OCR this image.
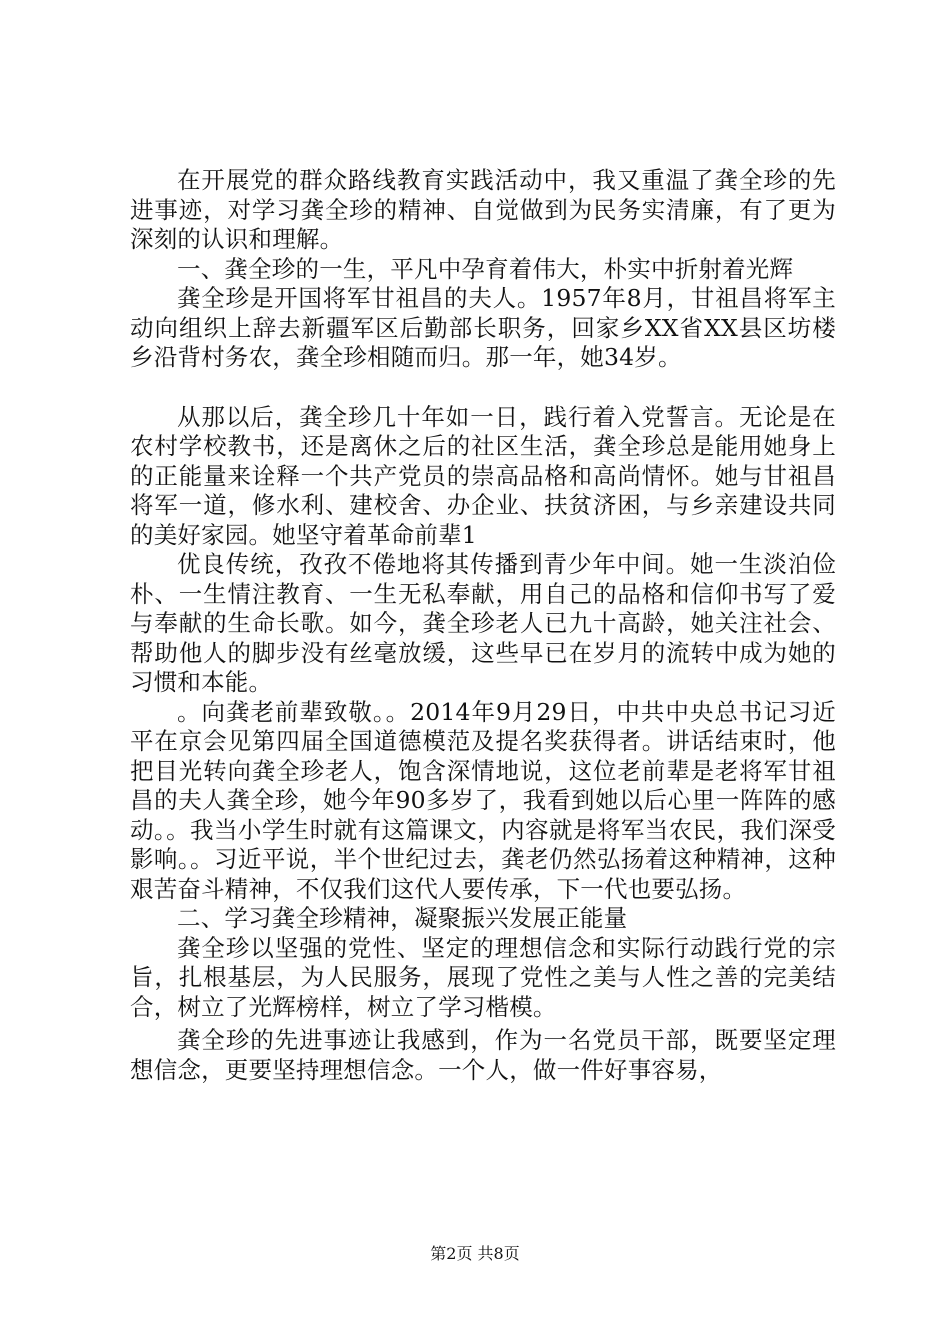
在开展党的群众路线教育实践活动中，我又重温了龚全珍的先进事迹，对学习龚全珍的精神、自觉做到为民务实清廉，有了更为深刻的认识和理解。

一、龚全珍的一生，平凡中孕育着伟大，朴实中折射着光辉

龚全珍是开国将军甘祖昌的夫人。1957年8月，甘祖昌将军主动向组织上辞去新疆军区后勤部长职务，回家乡XX省XX县区坊楼乡沿背村务农，龚全珍相随而归。那一年，她34岁。

从那以后，龚全珍几十年如一日，践行着入党誓言。无论是在农村学校教书，还是离休之后的社区生活，龚全珍总是能用她身上的正能量来诠释一个共产党员的崇高品格和高尚情怀。她与甘祖昌将军一道，修水利、建校舍、办企业、扶贫济困，与乡亲建设共同的美好家园。她坚守着革命前辈1

优良传统，孜孜不倦地将其传播到青少年中间。她一生淡泊俭朴、一生情注教育、一生无私奉献，用自己的品格和信仰书写了爱与奉献的生命长歌。如今，龚全珍老人已九十高龄，她关注社会、帮助他人的脚步没有丝毫放缓，这些早已在岁月的流转中成为她的习惯和本能。

。向龚老前辈致敬。。2014年9月29日，中共中央总书记习近平在京会见第四届全国道德模范及提名奖获得者。讲话结束时，他把目光转向龚全珍老人，饱含深情地说，这位老前辈是老将军甘祖昌的夫人龚全珍，她今年90多岁了，我看到她以后心里一阵阵的感动。。我当小学生时就有这篇课文，内容就是将军当农民，我们深受影响。。习近平说，半个世纪过去，龚老仍然弘扬着这种精神，这种艰苦奋斗精神，不仅我们这代人要传承，下一代也要弘扬。

二、学习龚全珍精神，凝聚振兴发展正能量

龚全珍以坚强的党性、坚定的理想信念和实际行动践行党的宗旨，扎根基层，为人民服务，展现了党性之美与人性之善的完美结合，树立了光辉榜样，树立了学习楷模。

龚全珍的先进事迹让我感到，作为一名党员干部，既要坚定理想信念，更要坚持理想信念。一个人，做一件好事容易，

第2页 共8页
